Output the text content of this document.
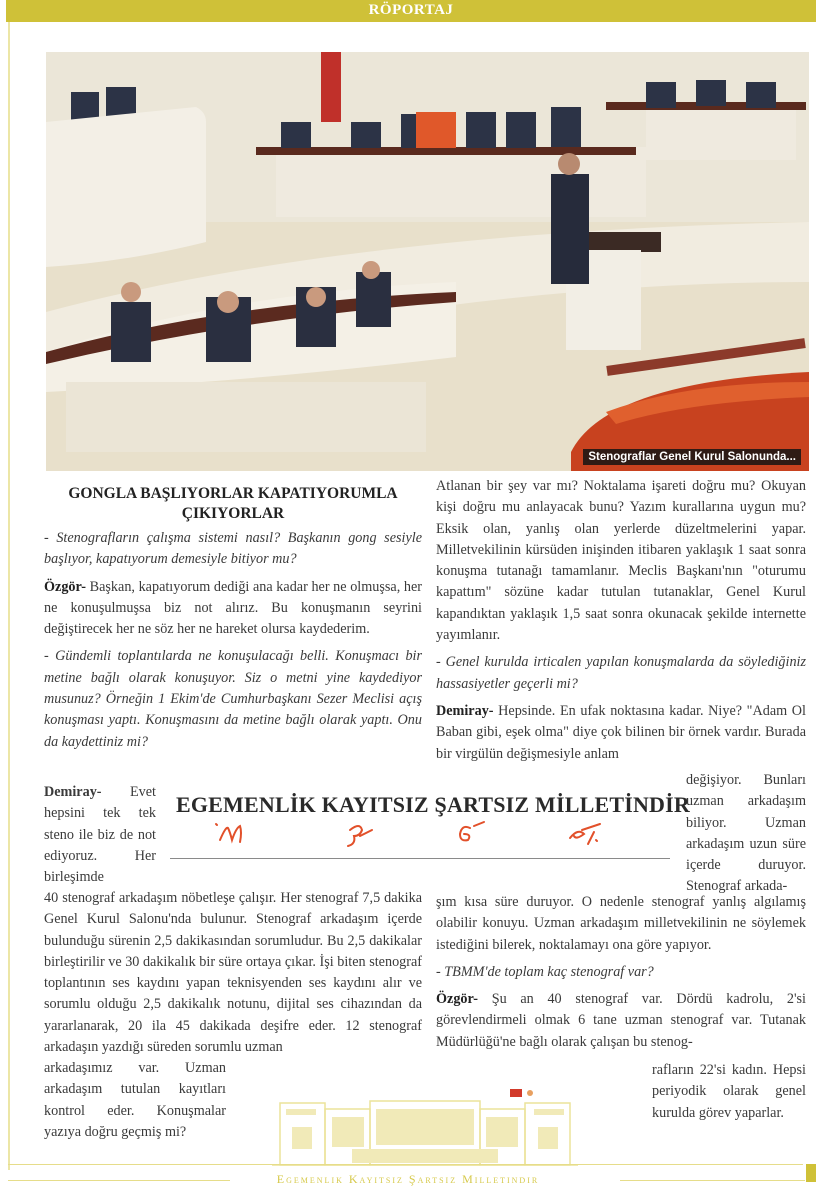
RÖPORTAJ
Stenograflar Genel Kurul Salonunda...
GONGLA BAŞLIYORLAR KAPATIYORUMLA ÇIKIYORLAR

- Stenografların çalışma sistemi nasıl? Başkanın gong sesiyle başlıyor, kapatıyorum demesiyle bitiyor mu?

Özgör- Başkan, kapatıyorum dediği ana kadar her ne olmuşsa, her ne konuşulmuşsa biz not alırız. Bu konuşmanın seyrini değiştirecek her ne söz her ne hareket olursa kaydederim.

- Gündemli toplantılarda ne konuşulacağı belli. Konuşmacı bir metine bağlı olarak konuşuyor. Siz o metni yine kaydediyor musunuz? Örneğin 1 Ekim'de Cumhurbaşkanı Sezer Meclisi açış konuşması yaptı. Konuşmasını da metine bağlı olarak yaptı. Onu da kaydettiniz mi?

Demiray- Evet hepsini tek tek steno ile biz de not ediyoruz. Her birleşimde
40 stenograf arkadaşım nöbetleşe çalışır. Her stenograf 7,5 dakika Genel Kurul Salonu'nda bulunur. Stenograf arkadaşım içerde bulunduğu sürenin 2,5 dakikasından sorumludur. Bu 2,5 dakikalar birleştirilir ve 30 dakikalık bir süre ortaya çıkar. İşi biten stenograf toplantının ses kaydını yapan teknisyenden ses kaydını alır ve sorumlu olduğu 2,5 dakikalık notunu, dijital ses cihazından da yararlanarak, 20 ila 45 dakikada deşifre eder. 12 stenograf arkadaşın yazdığı süreden sorumlu uzman
arkadaşımız var. Uzman arkadaşım tutulan kayıtları kontrol eder. Konuşmalar yazıya doğru geçmiş mi?

Atlanan bir şey var mı? Noktalama işareti doğru mu? Okuyan kişi doğru mu anlayacak bunu? Yazım kurallarına uygun mu? Eksik olan, yanlış olan yerlerde düzeltmelerini yapar. Milletvekilinin kürsüden inişinden itibaren yaklaşık 1 saat sonra konuşma tutanağı tamamlanır. Meclis Başkanı'nın "oturumu kapattım" sözüne kadar tutulan tutanaklar, Genel Kurul kapandıktan yaklaşık 1,5 saat sonra okunacak şekilde internette yayımlanır.

- Genel kurulda irticalen yapılan konuşmalarda da söylediğiniz hassasiyetler geçerli mi?

Demiray- Hepsinde. En ufak noktasına kadar. Niye? "Adam Ol Baban gibi, eşek olma" diye çok bilinen bir örnek vardır. Burada bir virgülün değişmesiyle anlam

değişiyor. Bunları uzman arkadaşım biliyor. Uzman arkadaşım uzun süre içerde duruyor. Stenograf arkada-

şım kısa süre duruyor. O nedenle stenograf yanlış algılamış olabilir konuyu. Uzman arkadaşım milletvekilinin ne söylemek istediğini bilerek, noktalamayı ona göre yapıyor.

- TBMM'de toplam kaç stenograf var?

Özgör- Şu an 40 stenograf var. Dördü kadrolu, 2'si görevlendirmeli olmak 6 tane uzman stenograf var. Tutanak Müdürlüğü'ne bağlı olarak çalışan bu stenog-

rafların 22'si kadın. Hepsi periyodik olarak genel kurulda görev yaparlar.
EGEMENLİK KAYITSIZ ŞARTSIZ MİLLETİNDİR
Egemenlik Kayıtsız Şartsız Milletindir
